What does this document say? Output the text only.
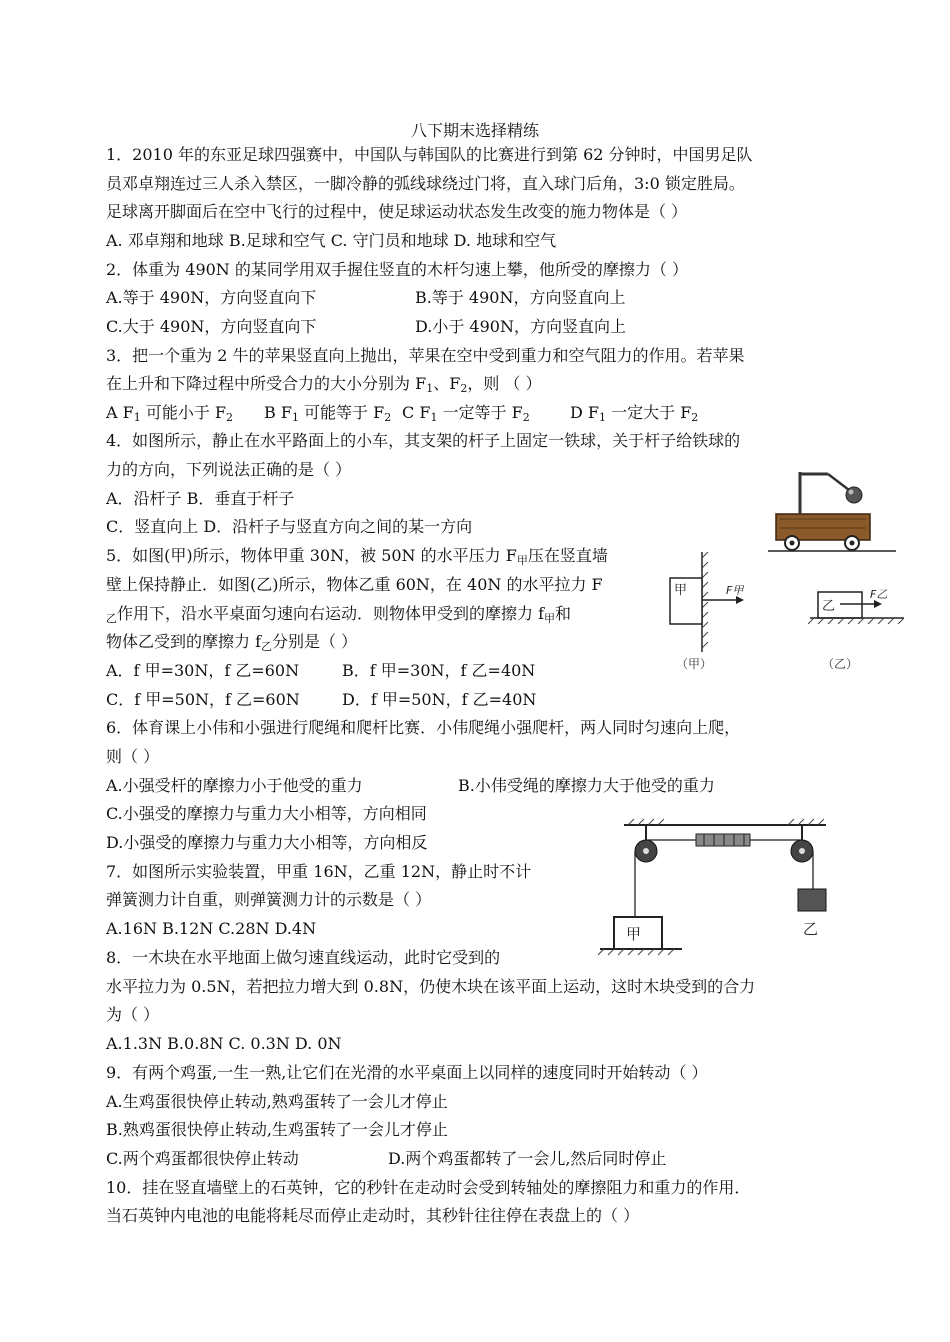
八下期末选择精练
1．2010 年的东亚足球四强赛中，中国队与韩国队的比赛进行到第 62 分钟时，中国男足队
员邓卓翔连过三人杀入禁区，一脚冷静的弧线球绕过门将，直入球门后角，3:0 锁定胜局。
足球离开脚面后在空中飞行的过程中，使足球运动状态发生改变的施力物体是（ ）
A. 邓卓翔和地球 B.足球和空气 C. 守门员和地球 D. 地球和空气
2．体重为 490N 的某同学用双手握住竖直的木杆匀速上攀，他所受的摩擦力（ ）
A.等于 490N，方向竖直向下	B.等于 490N，方向竖直向上
C.大于 490N，方向竖直向下	D.小于 490N，方向竖直向上
3．把一个重为 2 牛的苹果竖直向上抛出，苹果在空中受到重力和空气阻力的作用。若苹果
在上升和下降过程中所受合力的大小分别为 $F_1$、$F_2$，则 （ ）
A $F_1$ 可能小于 $F_2$ B $F_1$ 可能等于 $F_2$ C $F_1$ 一定等于 $F_2$	D $F_1$ 一定大于 $F_2$
4．如图所示，静止在水平路面上的小车，其支架的杆子上固定一铁球，关于杆子给铁球的
力的方向，下列说法正确的是（ ）
A．沿杆子 B．垂直于杆子
C．竖直向上 D．沿杆子与竖直方向之间的某一方向
5．如图(甲)所示，物体甲重 30N，被 50N 的水平压力 $F_甲$压在竖直墙
壁上保持静止．如图(乙)所示，物体乙重 60N，在 40N 的水平拉力 F
$_乙$作用下，沿水平桌面匀速向右运动．则物体甲受到的摩擦力 $f_甲$和
物体乙受到的摩擦力 $f_乙$分别是（ ）
A．f 甲=30N，f 乙=60N	B．f 甲=30N，f 乙=40N
C．f 甲=50N，f 乙=60N	D．f 甲=50N，f 乙=40N
甲	F甲
（甲）
乙
F乙
（乙）
6．体育课上小伟和小强进行爬绳和爬杆比赛．小伟爬绳小强爬杆，两人同时匀速向上爬，
则（ ）
A.小强受杆的摩擦力小于他受的重力	B.小伟受绳的摩擦力大于他受的重力
C.小强受的摩擦力与重力大小相等，方向相同
D.小强受的摩擦力与重力大小相等，方向相反
乙
甲
7．如图所示实验装置，甲重 16N，乙重 12N，静止时不计
弹簧测力计自重，则弹簧测力计的示数是（ ）
A.16N B.12N C.28N D.4N
8．一木块在水平地面上做匀速直线运动，此时它受到的
水平拉力为 0.5N，若把拉力增大到 0.8N，仍使木块在该平面上运动，这时木块受到的合力
为（ ）
A.1.3N B.0.8N C. 0.3N D. 0N
9．有两个鸡蛋,一生一熟,让它们在光滑的水平桌面上以同样的速度同时开始转动（ ）
A.生鸡蛋很快停止转动,熟鸡蛋转了一会儿才停止
B.熟鸡蛋很快停止转动,生鸡蛋转了一会儿才停止
C.两个鸡蛋都很快停止转动	D.两个鸡蛋都转了一会儿,然后同时停止
10．挂在竖直墙壁上的石英钟，它的秒针在走动时会受到转轴处的摩擦阻力和重力的作用．
当石英钟内电池的电能将耗尽而停止走动时，其秒针往往停在表盘上的（ ）
